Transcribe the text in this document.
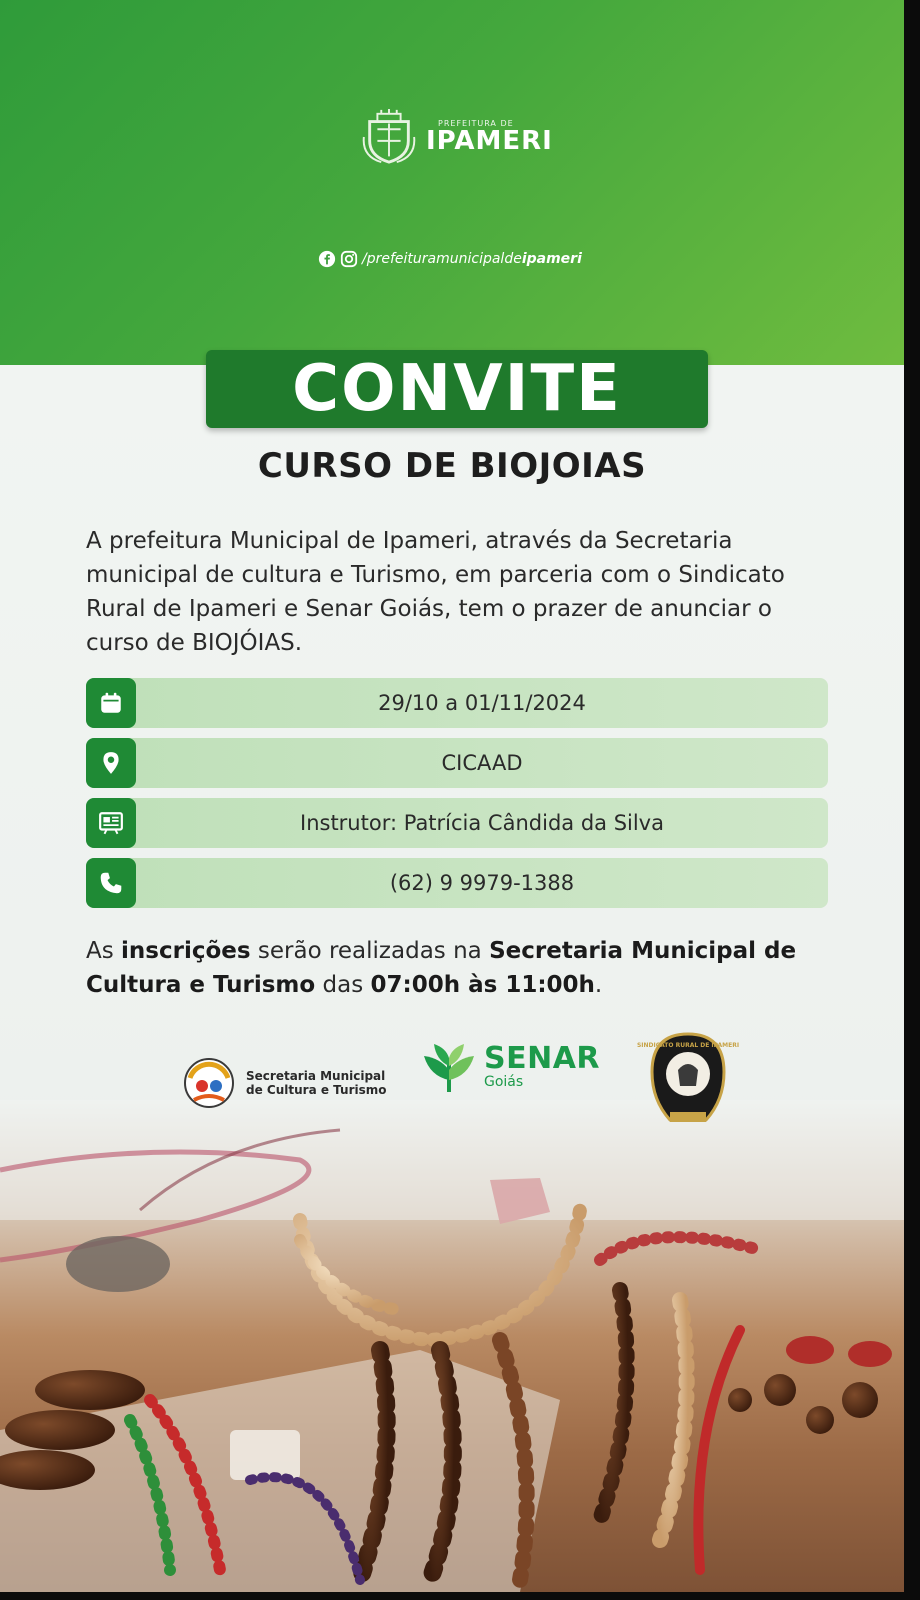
PREFEITURA DE
IPAMERI
/prefeituramunicipalde ipameri
CONVITE
CURSO DE BIOJOIAS

A prefeitura Municipal de Ipameri, através da Secretaria municipal de cultura e Turismo, em parceria com o Sindicato Rural de Ipameri e Senar Goiás, tem o prazer de anunciar o curso de BIOJÓIAS.

29/10 a 01/11/2024
CICAAD
Instrutor: Patrícia Cândida da Silva
(62) 9 9979-1388

As inscrições serão realizadas na Secretaria Municipal de Cultura e Turismo das 07:00h às 11:00h.

Secretaria Municipal
de Cultura e Turismo
SENAR
Goiás
SINDICATO RURAL DE IPAMERI
